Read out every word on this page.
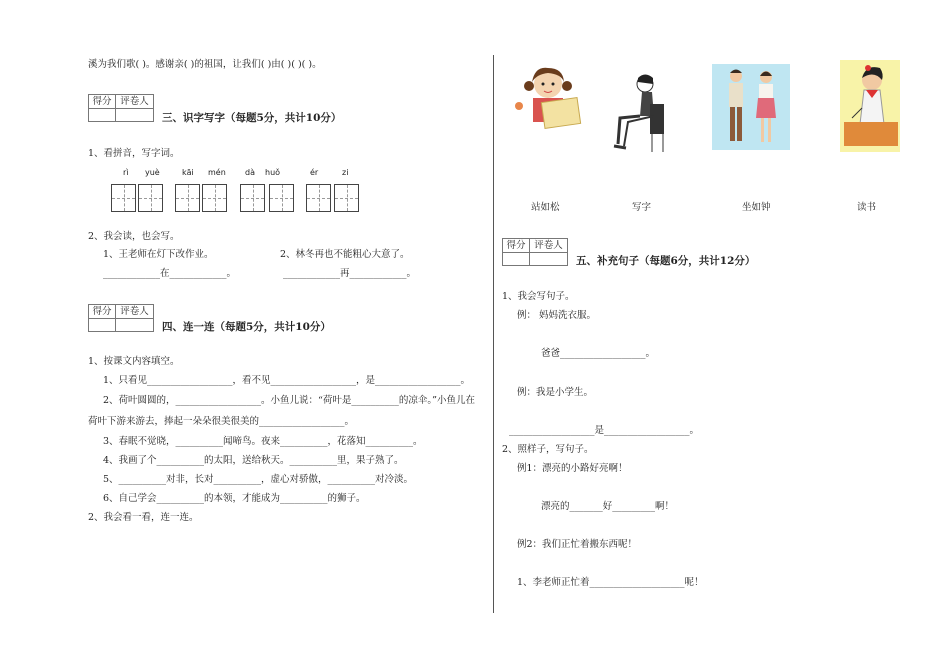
溪为我们歌( )。感谢亲( )的祖国，让我们( )由( )( )( )。
得分 评卷人
三、识字写字（每题5分，共计10分）
1、看拼音，写字词。
rì yuè	kāi mén dà huǒ	ér	zi
2、我会读，也会写。
1、王老师在灯下改作业。	2、林冬再也不能粗心大意了。
____________在____________。	____________再____________。
得分 评卷人
四、连一连（每题5分，共计10分）
1、按课文内容填空。
1、只看见__________________，看不见__________________，是__________________。
2、荷叶圆圆的，__________________。小鱼儿说：“荷叶是__________的凉伞。”小鱼儿在
荷叶下游来游去，捧起一朵朵很美很美的__________________。
3、春眠不觉晓，__________闻啼鸟。夜来__________，花落知__________。
4、我画了个__________的太阳，送给秋天。__________里，果子熟了。
5、__________对非，长对__________，虚心对骄傲，__________对冷淡。
6、自己学会__________的本领，才能成为__________的狮子。
2、我会看一看，连一连。
站如松	写字	坐如钟	读书
得分 评卷人
五、补充句子（每题6分，共计12分）
1、我会写句子。
例： 妈妈洗衣服。
爸爸__________________。
例：我是小学生。
__________________是__________________。
2、照样子，写句子。
例1：漂亮的小路好亮啊！
漂亮的_______好_________啊！
例2：我们正忙着搬东西呢！
1、李老师正忙着____________________呢！
